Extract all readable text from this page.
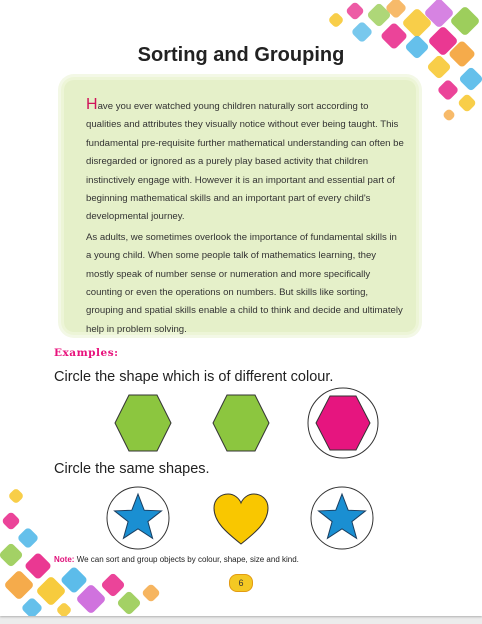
Sorting and Grouping

Have you ever watched young children naturally sort according to qualities and attributes they visually notice without ever being taught. This fundamental pre-requisite further mathematical understanding can often be disregarded or ignored as a purely play based activity that children instinctively engage with. However it is an important and essential part of beginning mathematical skills and an important part of every child's developmental journey.

As adults, we sometimes overlook the importance of fundamental skills in a young child. When some people talk of mathematics learning, they mostly speak of number sense or numeration and more specifically counting or even the operations on numbers. But skills like sorting, grouping and spatial skills enable a child to think and decide and ultimately help in problem solving.

Examples:
Circle the shape which is of different colour.
Circle the same shapes.
Note: We can sort and group objects by colour, shape, size and kind.
6
